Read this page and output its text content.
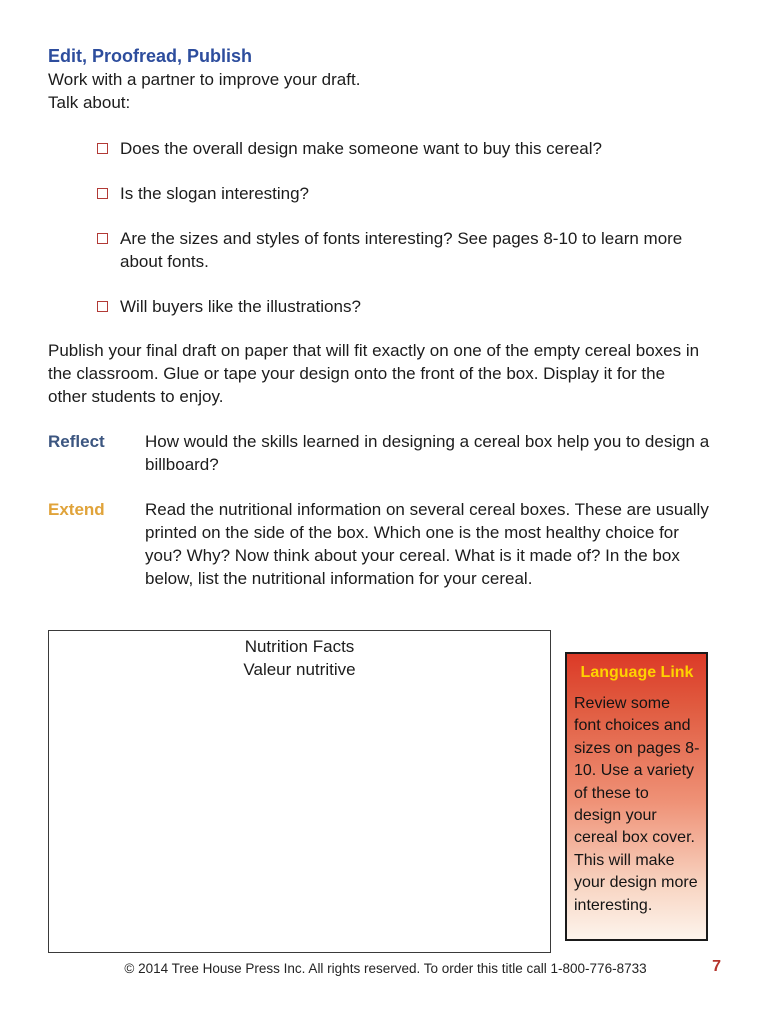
Edit, Proofread, Publish
Work with a partner to improve your draft.
Talk about:
Does the overall design make someone want to buy this cereal?
Is the slogan interesting?
Are the sizes and styles of fonts interesting? See pages 8-10 to learn more about fonts.
Will buyers like the illustrations?

Publish your final draft on paper that will fit exactly on one of the empty cereal boxes in the classroom. Glue or tape your design onto the front of the box. Display it for the other students to enjoy.

Reflect	How would the skills learned in designing a cereal box help you to design a billboard?
Extend	Read the nutritional information on several cereal boxes. These are usually printed on the side of the box. Which one is the most healthy choice for you? Why? Now think about your cereal. What is it made of? In the box below, list the nutritional information for your cereal.
Nutrition Facts
Valeur nutritive	Language Link
Review some font choices and sizes on pages 8-10. Use a variety of these to design your cereal box cover. This will make your design more interesting.
© 2014 Tree House Press Inc. All rights reserved. To order this title call 1-800-776-8733	7
